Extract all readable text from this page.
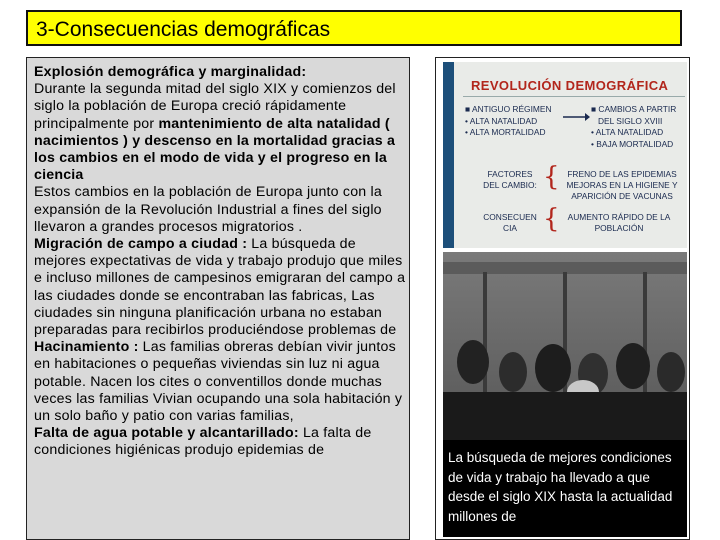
3-Consecuencias demográficas

Explosión demográfica y marginalidad:
Durante la segunda mitad del siglo XIX y comienzos del siglo la población de Europa creció rápidamente principalmente por mantenimiento de alta natalidad ( nacimientos ) y descenso en la mortalidad gracias a los cambios en el modo de vida y el progreso en la ciencia

Estos cambios en la población de Europa junto con la expansión de la Revolución Industrial a fines del siglo llevaron a grandes procesos migratorios .

Migración de campo a ciudad : La búsqueda de mejores expectativas de vida y trabajo produjo que miles e incluso millones de campesinos emigraran del campo a las ciudades donde se encontraban las fabricas, Las ciudades sin ninguna planificación urbana no estaban preparadas para recibirlos produciéndose problemas de

Hacinamiento : Las familias obreras debían vivir juntos en habitaciones o pequeñas viviendas sin luz ni agua potable. Nacen los cites o conventillos donde muchas veces las familias Vivian ocupando una sola habitación y un solo baño y patio con varias familias,

Falta de agua potable y alcantarillado: La falta de condiciones higiénicas produjo epidemias de

REVOLUCIÓN DEMOGRÁFICA
■ ANTIGUO RÉGIMEN
• ALTA NATALIDAD
• ALTA MORTALIDAD
■ CAMBIOS A PARTIR
DEL SIGLO XVIII
• ALTA NATALIDAD
• BAJA MORTALIDAD
FACTORES DEL CAMBIO: { FRENO DE LAS EPIDEMIAS MEJORAS EN LA HIGIENE Y APARICIÓN DE VACUNAS
CONSECUEN CIA	{ AUMENTO RÁPIDO DE LA POBLACIÓN
La búsqueda de mejores condiciones de vida y trabajo ha llevado a que desde el siglo XIX hasta la actualidad millones de
